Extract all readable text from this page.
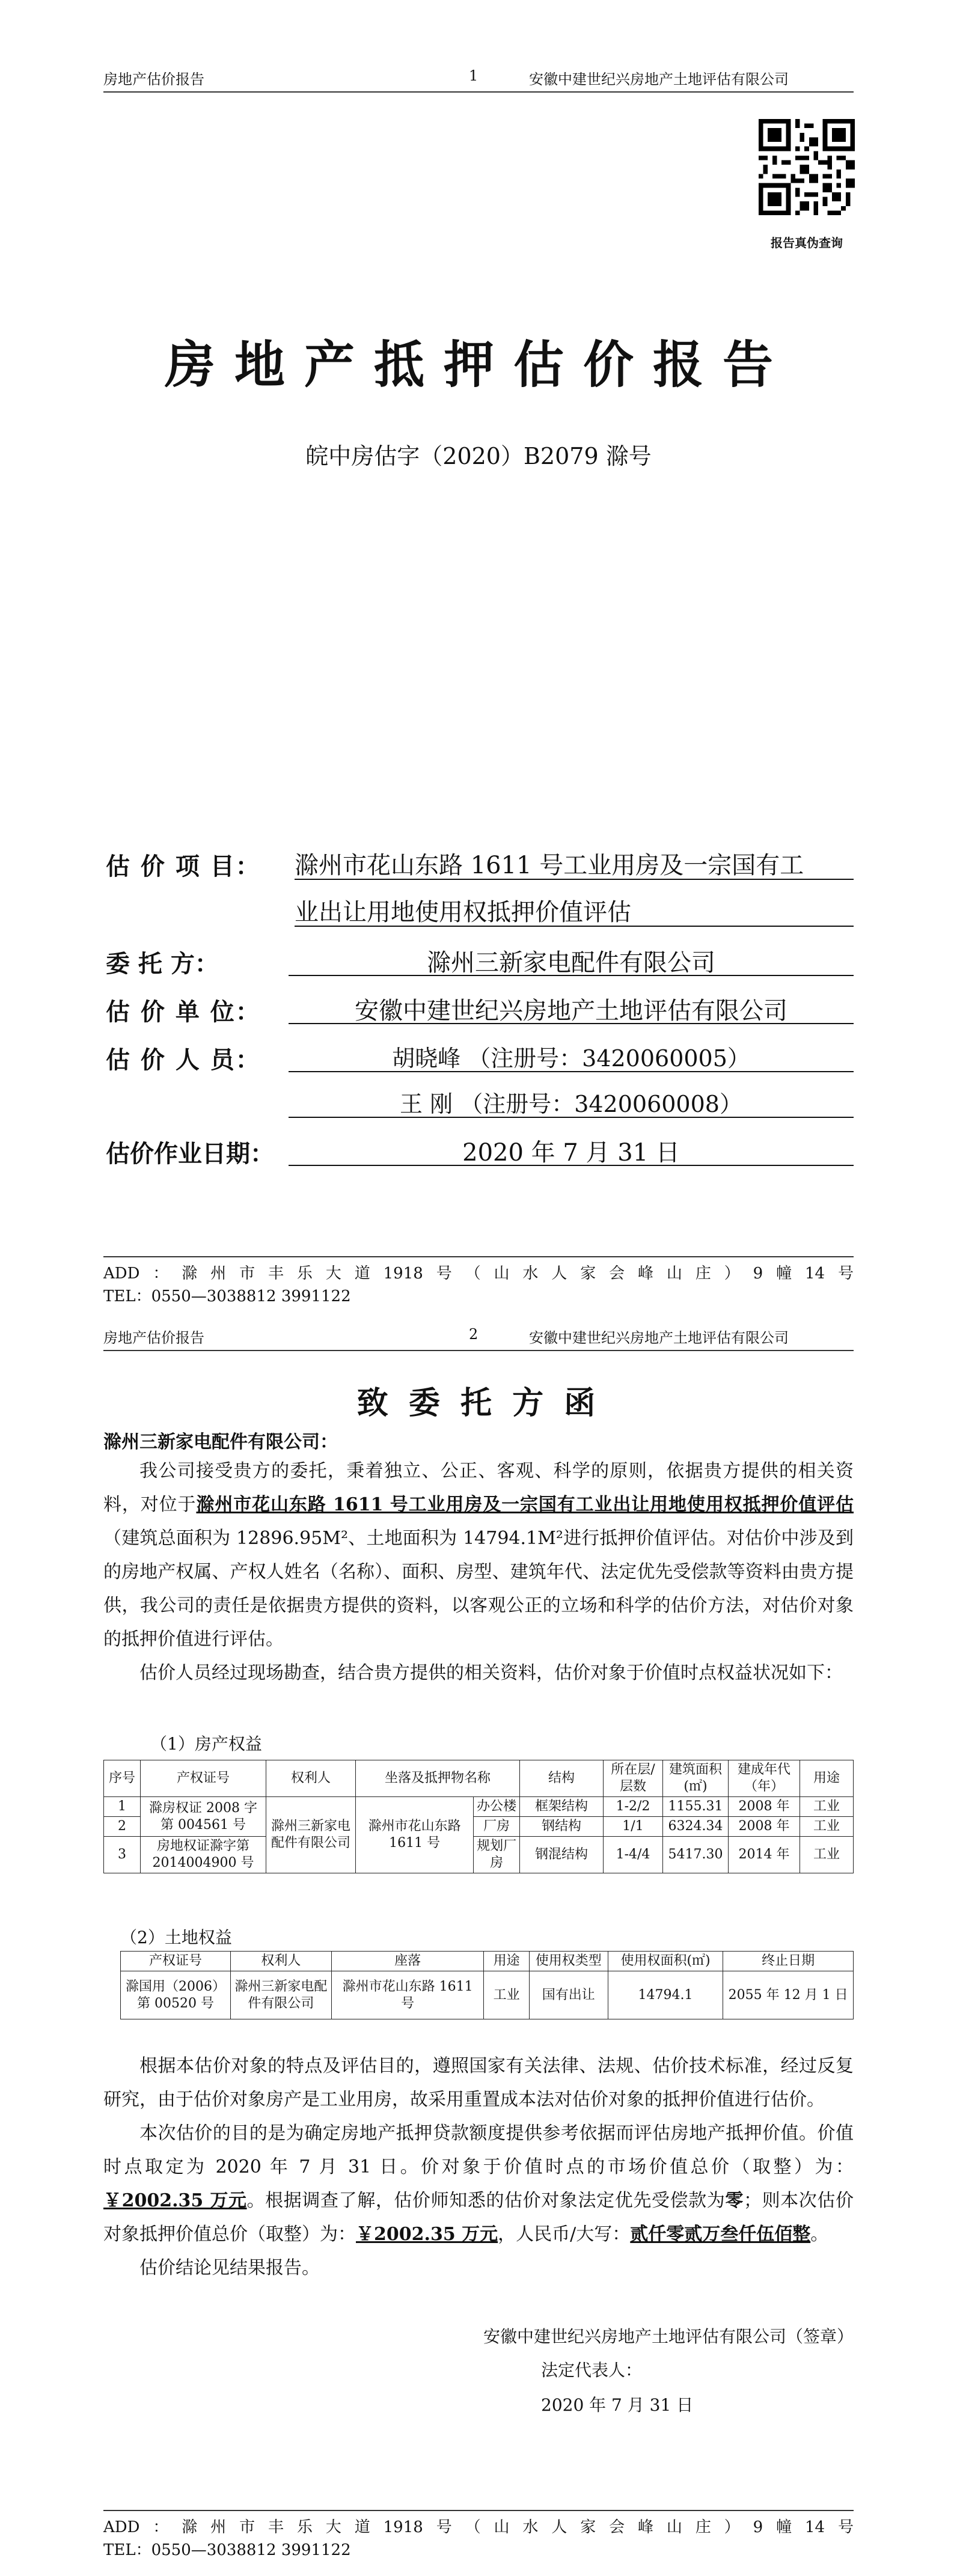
房地产估价报告	1	安徽中建世纪兴房地产土地评估有限公司
报告真伪查询
房地产抵押估价报告
皖中房估字（2020）B2079 滁号
估 价 项 目： 滁州市花山东路 1611 号工业用房及一宗国有工
业出让用地使用权抵押价值评估
委 托 方：	滁州三新家电配件有限公司
估 价 单 位：	安徽中建世纪兴房地产土地评估有限公司
估 价 人 员：	胡晓峰 （注册号：3420060005）
王 刚 （注册号：3420060008）
估价作业日期：	2020 年 7 月 31 日
ADD：滁州市丰乐大道1918号（山水人家会峰山庄）9幢14号
TEL：0550—3038812 3991122
房地产估价报告	2	安徽中建世纪兴房地产土地评估有限公司
致 委 托 方 函
滁州三新家电配件有限公司：

我公司接受贵方的委托，秉着独立、公正、客观、科学的原则，依据贵方提供的相关资料，对位于滁州市花山东路 1611 号工业用房及一宗国有工业出让用地使用权抵押价值评估（建筑总面积为 12896.95M²、土地面积为 14794.1M²进行抵押价值评估。对估价中涉及到的房地产权属、产权人姓名（名称）、面积、房型、建筑年代、法定优先受偿款等资料由贵方提供，我公司的责任是依据贵方提供的资料，以客观公正的立场和科学的估价方法，对估价对象的抵押价值进行评估。

估价人员经过现场勘查，结合贵方提供的相关资料，估价对象于价值时点权益状况如下：

（1）房产权益
序号	产权证号	权利人	坐落及抵押物名称		结构	所在层/层数	建筑面积(㎡)	建成年代（年）	用途
1	滁房权证 2008 字第 004561 号	滁州三新家电配件有限公司	滁州市花山东路 1611 号	办公楼	框架结构	1-2/2	1155.31	2008 年	工业
2				厂房	钢结构	1/1	6324.34	2008 年	工业
3	房地权证滁字第 2014004900 号			规划厂房	钢混结构	1-4/4	5417.30	2014 年	工业
（2）土地权益
产权证号	权利人	座落	用途	使用权类型	使用权面积(㎡)	终止日期
滁国用（2006）第 00520 号	滁州三新家电配件有限公司	滁州市花山东路 1611 号	工业	国有出让	14794.1	2055 年 12 月 1 日

根据本估价对象的特点及评估目的，遵照国家有关法律、法规、估价技术标准，经过反复研究，由于估价对象房产是工业用房，故采用重置成本法对估价对象的抵押价值进行估价。

本次估价的目的是为确定房地产抵押贷款额度提供参考依据而评估房地产抵押价值。价值时点取定为 2020 年 7 月 31 日。价对象于价值时点的市场价值总价（取整）为：￥2002.35 万元。根据调查了解，估价师知悉的估价对象法定优先受偿款为零；则本次估价对象抵押价值总价（取整）为：￥2002.35 万元，人民币/大写：贰仟零贰万叁仟伍佰整。

估价结论见结果报告。

安徽中建世纪兴房地产土地评估有限公司（签章）
法定代表人：
2020 年 7 月 31 日
ADD：滁州市丰乐大道1918号（山水人家会峰山庄）9幢14号
TEL：0550—3038812 3991122
